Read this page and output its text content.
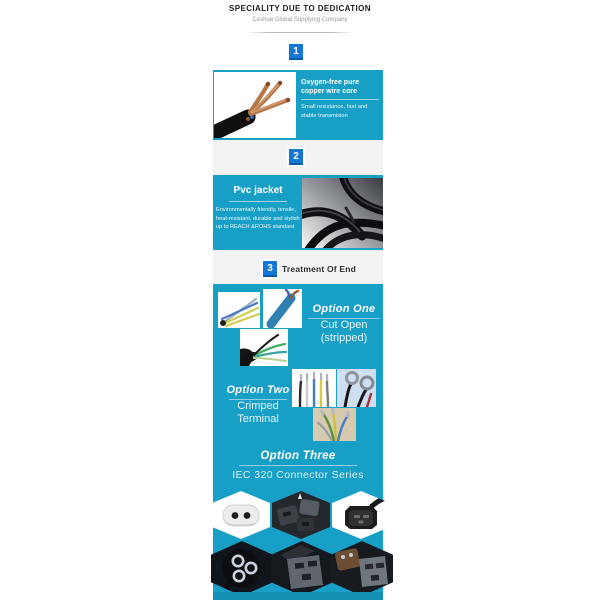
SPECIALITY DUE TO DEDICATION
Ceshue Global Supplying Company
1
Oxygen-free pure copper wire core
Small resistance, fast and stable transmision
2
Pvc jacket
Environmentally friendly, tensile, heat-resistant, durable and stylish up to REACH &ROHS standard
3	Treatment Of End
Option One
Cut Open
(stripped)
Option Two
Crimped
Terminal
Option Three
IEC 320 Connector Series
